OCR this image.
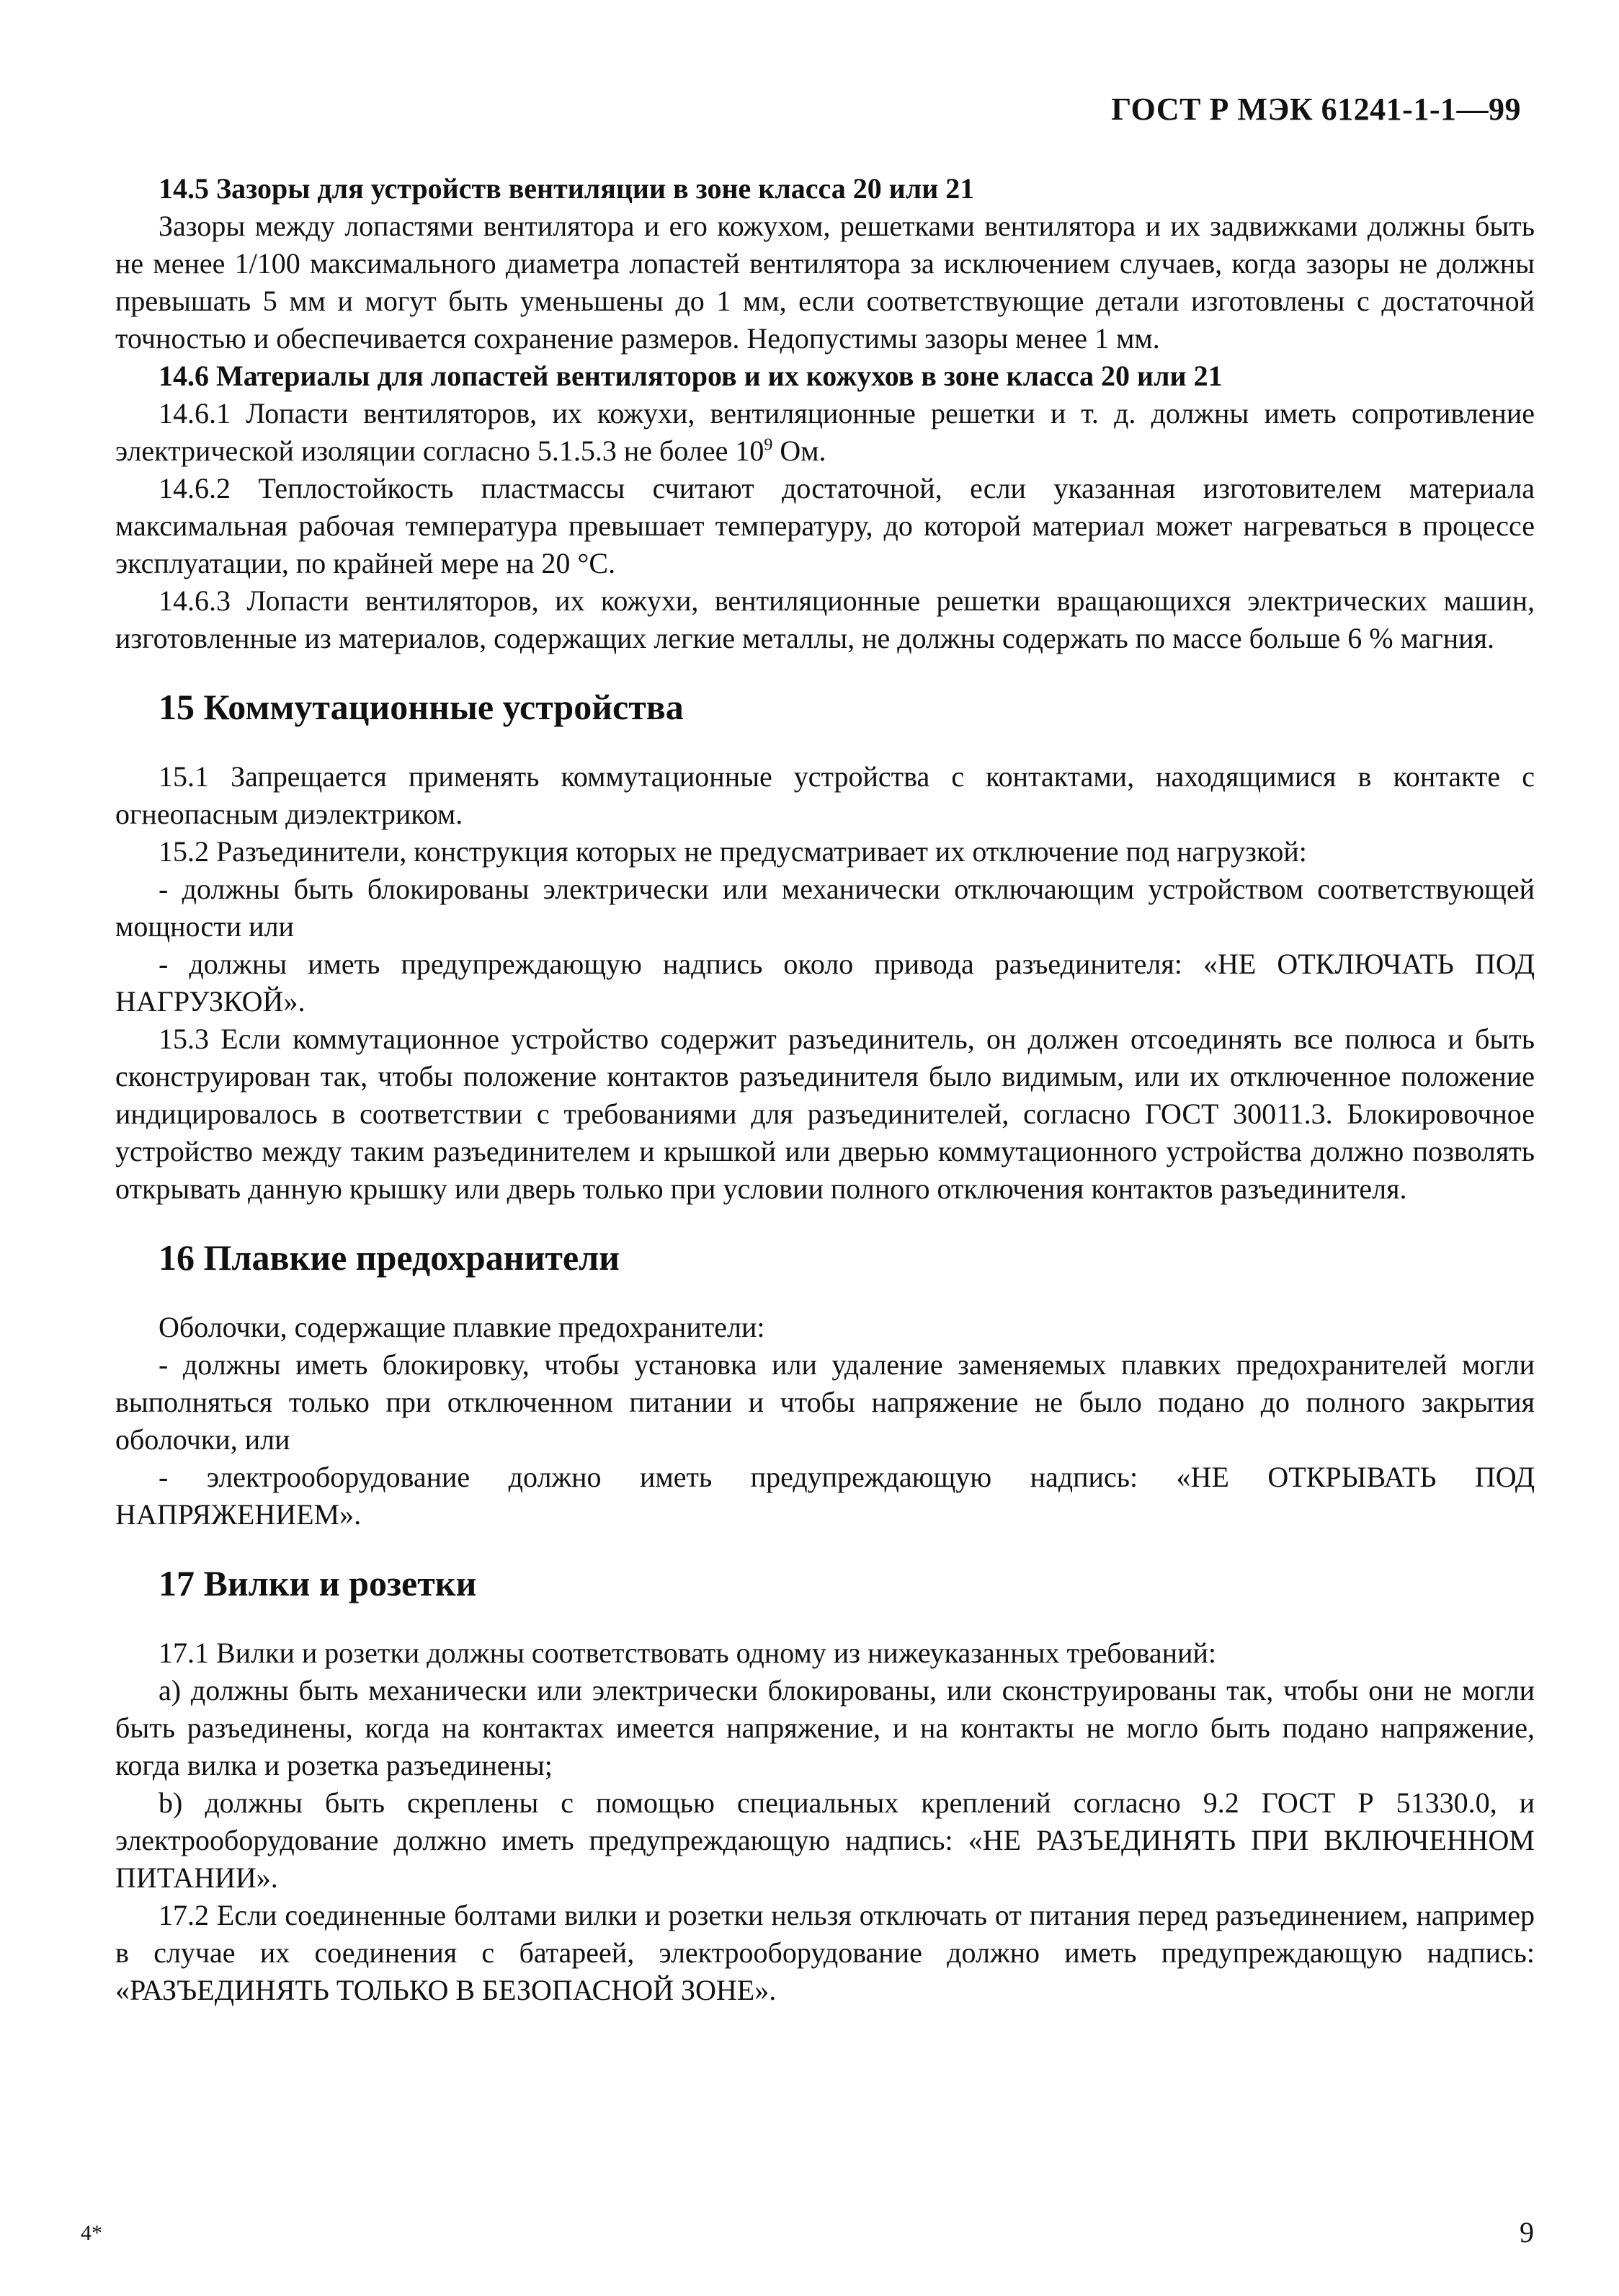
ГОСТ Р МЭК 61241-1-1—99

14.5 Зазоры для устройств вентиляции в зоне класса 20 или 21

Зазоры между лопастями вентилятора и его кожухом, решетками вентилятора и их задвижками должны быть не менее 1/100 максимального диаметра лопастей вентилятора за исключением случаев, когда зазоры не должны превышать 5 мм и могут быть уменьшены до 1 мм, если соответствующие детали изготовлены с достаточной точностью и обеспечивается сохранение размеров. Недопустимы зазоры менее 1 мм.

14.6 Материалы для лопастей вентиляторов и их кожухов в зоне класса 20 или 21

14.6.1 Лопасти вентиляторов, их кожухи, вентиляционные решетки и т. д. должны иметь сопротивление электрической изоляции согласно 5.1.5.3 не более $10^9$ Ом.

14.6.2 Теплостойкость пластмассы считают достаточной, если указанная изготовителем материала максимальная рабочая температура превышает температуру, до которой материал может нагреваться в процессе эксплуатации, по крайней мере на 20 °С.

14.6.3 Лопасти вентиляторов, их кожухи, вентиляционные решетки вращающихся электрических машин, изготовленные из материалов, содержащих легкие металлы, не должны содержать по массе больше 6 % магния.

15 Коммутационные устройства

15.1 Запрещается применять коммутационные устройства с контактами, находящимися в контакте с огнеопасным диэлектриком.

15.2 Разъединители, конструкция которых не предусматривает их отключение под нагрузкой:

- должны быть блокированы электрически или механически отключающим устройством соответствующей мощности или

- должны иметь предупреждающую надпись около привода разъединителя: «НЕ ОТКЛЮЧАТЬ ПОД НАГРУЗКОЙ».

15.3 Если коммутационное устройство содержит разъединитель, он должен отсоединять все полюса и быть сконструирован так, чтобы положение контактов разъединителя было видимым, или их отключенное положение индицировалось в соответствии с требованиями для разъединителей, согласно ГОСТ 30011.3. Блокировочное устройство между таким разъединителем и крышкой или дверью коммутационного устройства должно позволять открывать данную крышку или дверь только при условии полного отключения контактов разъединителя.

16 Плавкие предохранители

Оболочки, содержащие плавкие предохранители:

- должны иметь блокировку, чтобы установка или удаление заменяемых плавких предохранителей могли выполняться только при отключенном питании и чтобы напряжение не было подано до полного закрытия оболочки, или

- электрооборудование должно иметь предупреждающую надпись: «НЕ ОТКРЫВАТЬ ПОД НАПРЯЖЕНИЕМ».

17 Вилки и розетки

17.1 Вилки и розетки должны соответствовать одному из нижеуказанных требований:

а) должны быть механически или электрически блокированы, или сконструированы так, чтобы они не могли быть разъединены, когда на контактах имеется напряжение, и на контакты не могло быть подано напряжение, когда вилка и розетка разъединены;

b) должны быть скреплены с помощью специальных креплений согласно 9.2 ГОСТ Р 51330.0, и электрооборудование должно иметь предупреждающую надпись: «НЕ РАЗЪЕДИНЯТЬ ПРИ ВКЛЮЧЕННОМ ПИТАНИИ».

17.2 Если соединенные болтами вилки и розетки нельзя отключать от питания перед разъединением, например в случае их соединения с батареей, электрооборудование должно иметь предупреждающую надпись: «РАЗЪЕДИНЯТЬ ТОЛЬКО В БЕЗОПАСНОЙ ЗОНЕ».

4*	9
